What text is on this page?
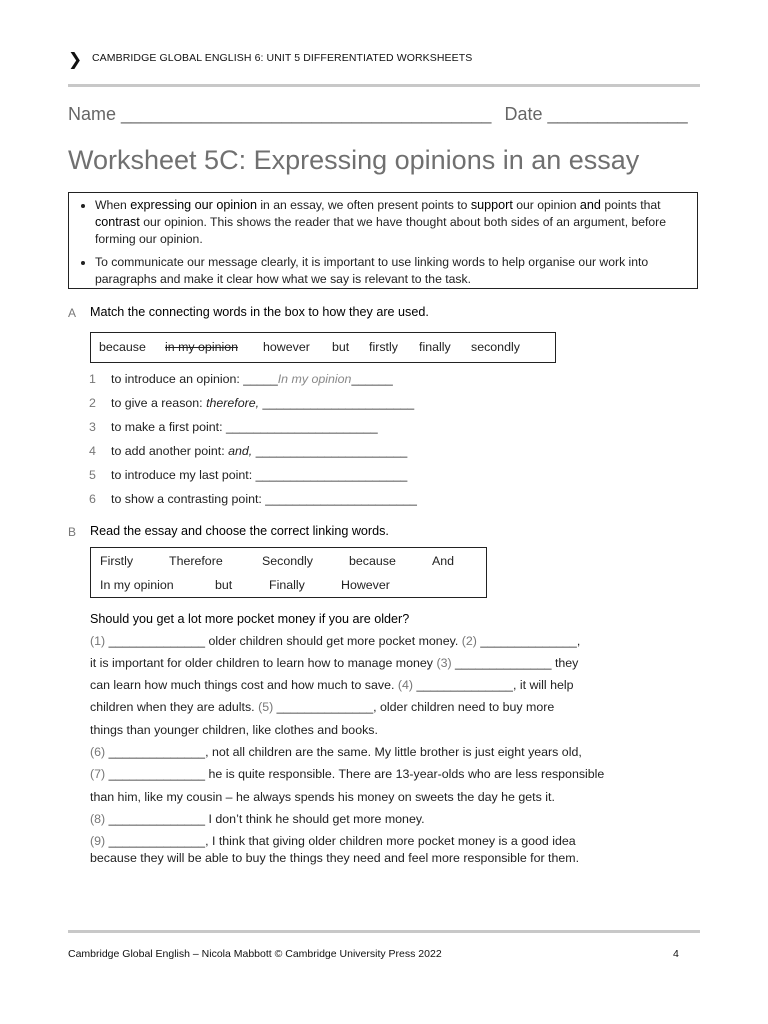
❯ CAMBRIDGE GLOBAL ENGLISH 6: UNIT 5 DIFFERENTIATED WORKSHEETS
Name _____________________________________ Date ______________
Worksheet 5C: Expressing opinions in an essay
• When expressing our opinion in an essay, we often present points to support our opinion and points that contrast our opinion. This shows the reader that we have thought about both sides of an argument, before forming our opinion.
• To communicate our message clearly, it is important to use linking words to help organise our work into paragraphs and make it clear how what we say is relevant to the task.
A Match the connecting words in the box to how they are used.
because in my opinion however but firstly finally secondly
1 to introduce an opinion: _____In my opinion______
2 to give a reason: therefore, ______________________
3 to make a first point: ______________________
4 to add another point: and, ______________________
5 to introduce my last point: ______________________
6 to show a contrasting point: ______________________
B Read the essay and choose the correct linking words.
Firstly	Therefore	Secondly	because	And
In my opinion	but	Finally	However
Should you get a lot more pocket money if you are older?
(1) ______________ older children should get more pocket money. (2) ______________,
it is important for older children to learn how to manage money (3) ______________ they
can learn how much things cost and how much to save. (4) ______________, it will help
children when they are adults. (5) ______________, older children need to buy more
things than younger children, like clothes and books.
(6) ______________, not all children are the same. My little brother is just eight years old,
(7) ______________ he is quite responsible. There are 13-year-olds who are less responsible
than him, like my cousin – he always spends his money on sweets the day he gets it.
(8) ______________ I don’t think he should get more money.
(9) ______________, I think that giving older children more pocket money is a good idea
because they will be able to buy the things they need and feel more responsible for them.
Cambridge Global English – Nicola Mabbott © Cambridge University Press 2022	4
